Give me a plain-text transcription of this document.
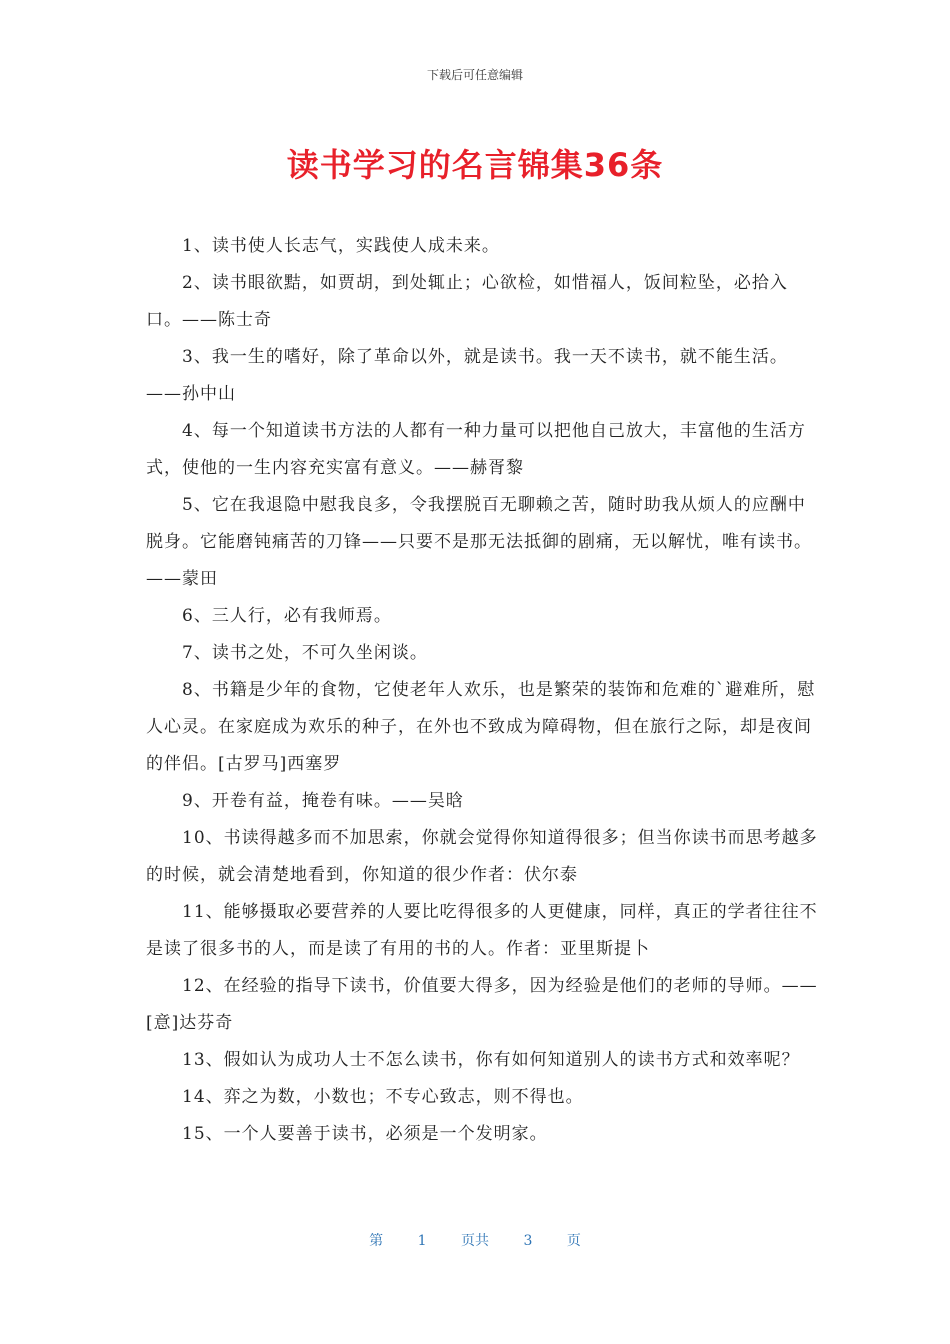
下载后可任意编辑
读书学习的名言锦集36条

1、读书使人长志气，实践使人成未来。

2、读书眼欲黠，如贾胡，到处辄止；心欲检，如惜福人，饭间粒坠，必拾入口。——陈士奇

3、我一生的嗜好，除了革命以外，就是读书。我一天不读书，就不能生活。——孙中山

4、每一个知道读书方法的人都有一种力量可以把他自己放大，丰富他的生活方式，使他的一生内容充实富有意义。——赫胥黎

5、它在我退隐中慰我良多，令我摆脱百无聊赖之苦，随时助我从烦人的应酬中脱身。它能磨钝痛苦的刀锋——只要不是那无法抵御的剧痛，无以解忧，唯有读书。——蒙田

6、三人行，必有我师焉。

7、读书之处，不可久坐闲谈。

8、书籍是少年的食物，它使老年人欢乐，也是繁荣的装饰和危难的`避难所，慰人心灵。在家庭成为欢乐的种子，在外也不致成为障碍物，但在旅行之际，却是夜间的伴侣。[古罗马]西塞罗

9、开卷有益，掩卷有味。——吴晗

10、书读得越多而不加思索，你就会觉得你知道得很多；但当你读书而思考越多的时候，就会清楚地看到，你知道的很少作者：伏尔泰

11、能够摄取必要营养的人要比吃得很多的人更健康，同样，真正的学者往往不是读了很多书的人，而是读了有用的书的人。作者：亚里斯提卜

12、在经验的指导下读书，价值要大得多，因为经验是他们的老师的导师。——[意]达芬奇

13、假如认为成功人士不怎么读书，你有如何知道别人的读书方式和效率呢？

14、弈之为数，小数也；不专心致志，则不得也。

15、一个人要善于读书，必须是一个发明家。

第 1 页共 3 页
